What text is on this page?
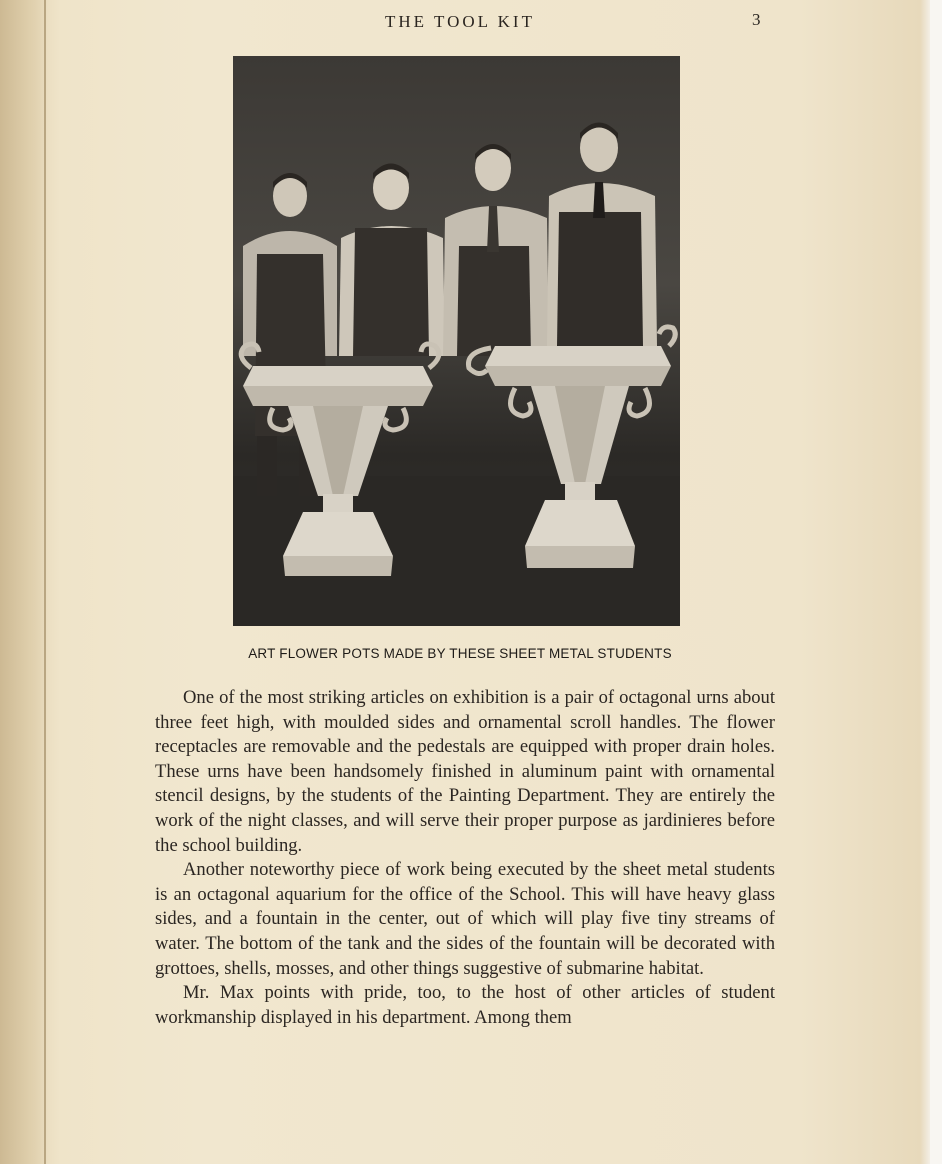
THE TOOL KIT	3
ART FLOWER POTS MADE BY THESE SHEET METAL STUDENTS

One of the most striking articles on exhibition is a pair of octagonal urns about three feet high, with moulded sides and ornamental scroll handles. The flower receptacles are removable and the pedestals are equipped with proper drain holes. These urns have been handsomely finished in aluminum paint with ornamental stencil designs, by the students of the Painting Department. They are entirely the work of the night classes, and will serve their proper purpose as jardinieres before the school building.

Another noteworthy piece of work being executed by the sheet metal students is an octagonal aquarium for the office of the School. This will have heavy glass sides, and a fountain in the center, out of which will play five tiny streams of water. The bottom of the tank and the sides of the fountain will be decorated with grottoes, shells, mosses, and other things suggestive of submarine habitat.

Mr. Max points with pride, too, to the host of other articles of student workmanship displayed in his department. Among them
